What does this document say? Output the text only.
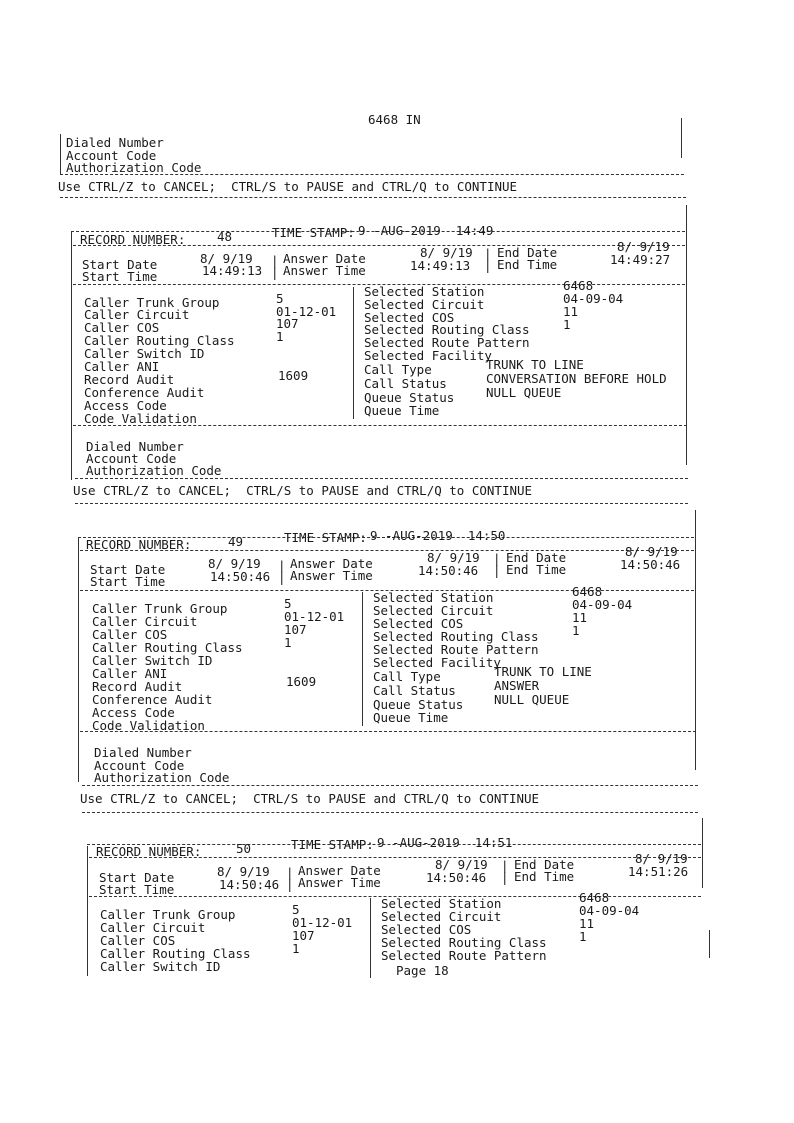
6468 IN
Dialed Number
Account Code
Authorization Code
Use CTRL/Z to CANCEL;  CTRL/S to PAUSE and CTRL/Q to CONTINUE
RECORD NUMBER:	48	TIME STAMP: 9 -AUG-2019  14:49
Start Date	8/ 9/19
Start Time	14:49:13
|
|
Answer Date	8/ 9/19
Answer Time	14:49:13
|
|
End Date	8/ 9/19
End Time	14:49:27
Caller Trunk Group	5
Caller Circuit	01-12-01
Caller COS	107
Caller Routing Class	1
Caller Switch ID
Caller ANI
Record Audit	1609
Conference Audit
Access Code
Code Validation
Selected Station	6468
Selected Circuit	04-09-04
Selected COS	11
Selected Routing Class	1
Selected Route Pattern
Selected Facility
Call Type	TRUNK TO LINE
Call Status	CONVERSATION BEFORE HOLD
Queue Status	NULL QUEUE
Queue Time
Dialed Number
Account Code
Authorization Code
Use CTRL/Z to CANCEL;  CTRL/S to PAUSE and CTRL/Q to CONTINUE
RECORD NUMBER:	49	TIME STAMP: 9 -AUG-2019  14:50
Start Date	8/ 9/19
Start Time	14:50:46
|
|
Answer Date	8/ 9/19
Answer Time	14:50:46
|
|
End Date	8/ 9/19
End Time	14:50:46
Caller Trunk Group	5
Caller Circuit	01-12-01
Caller COS	107
Caller Routing Class	1
Caller Switch ID
Caller ANI
Record Audit	1609
Conference Audit
Access Code
Code Validation
Selected Station	6468
Selected Circuit	04-09-04
Selected COS	11
Selected Routing Class	1
Selected Route Pattern
Selected Facility
Call Type	TRUNK TO LINE
Call Status	ANSWER
Queue Status NULL QUEUE
Queue Time
Dialed Number
Account Code
Authorization Code
Use CTRL/Z to CANCEL;  CTRL/S to PAUSE and CTRL/Q to CONTINUE
RECORD NUMBER:	50	TIME STAMP: 9 -AUG-2019  14:51
Start Date	8/ 9/19
Start Time	14:50:46
|
|
Answer Date	8/ 9/19
Answer Time	14:50:46
|
|
End Date	8/ 9/19
End Time	14:51:26
Caller Trunk Group	5
Caller Circuit	01-12-01
Caller COS	107
Caller Routing Class	1
Caller Switch ID
Selected Station	6468
Selected Circuit	04-09-04
Selected COS	11
Selected Routing Class	1
Selected Route Pattern
Page 18
